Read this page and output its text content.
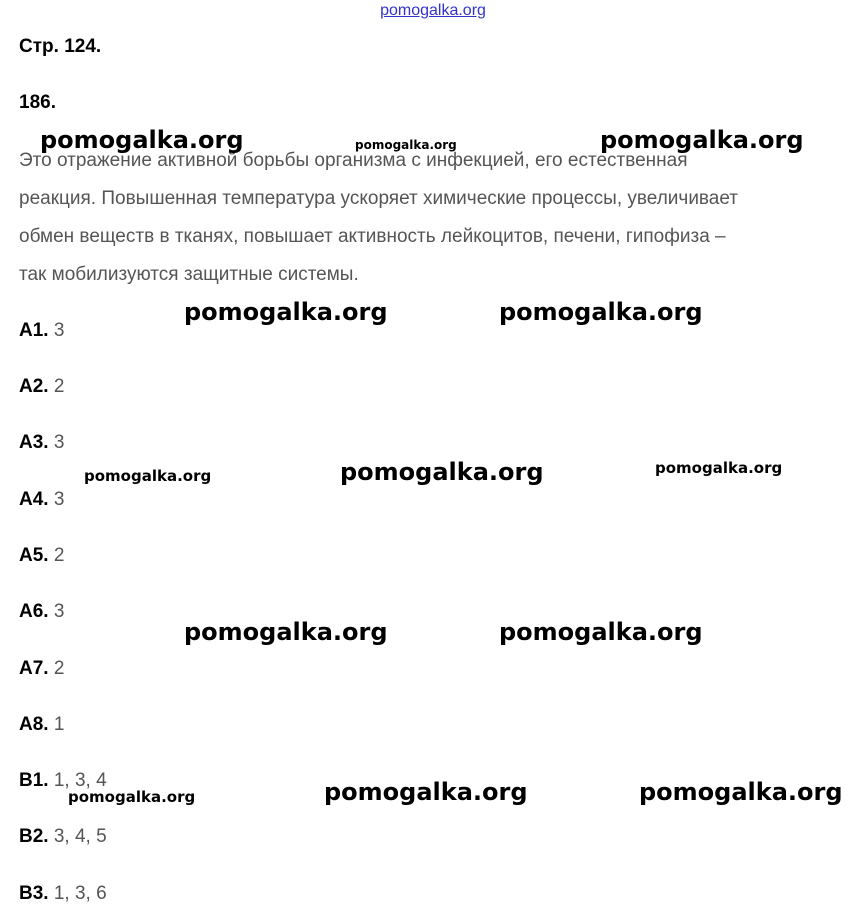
pomogalka.org
Стр. 124.
186.
Это отражение активной борьбы организма с инфекцией, его естественная
реакция. Повышенная температура ускоряет химические процессы, увеличивает
обмен веществ в тканях, повышает активность лейкоцитов, печени, гипофиза –
так мобилизуются защитные системы.
А1. 3
А2. 2
А3. 3
А4. 3
А5. 2
А6. 3
А7. 2
А8. 1
В1. 1, 3, 4
В2. 3, 4, 5
В3. 1, 3, 6
pomogalka.org	pomogalka.org	pomogalka.org
pomogalka.org	pomogalka.org
pomogalka.org	pomogalka.org	pomogalka.org
pomogalka.org	pomogalka.org
pomogalka.org	pomogalka.org	pomogalka.org
